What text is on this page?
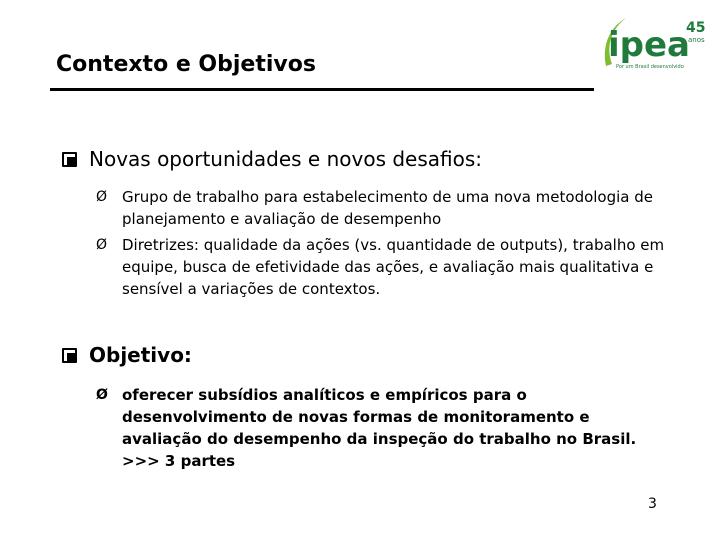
Contexto e Objetivos	ipea
45
anos
Por um Brasil desenvolvido
Novas oportunidades e novos desafios:
Ø Grupo de trabalho para estabelecimento de uma nova metodologia de planejamento e avaliação de desempenho
Ø Diretrizes: qualidade da ações (vs. quantidade de outputs), trabalho em equipe, busca de efetividade das ações, e avaliação mais qualitativa e sensível a variações de contextos.
Objetivo:
Ø oferecer subsídios analíticos e empíricos para o desenvolvimento de novas formas de monitoramento e avaliação do desempenho da inspeção do trabalho no Brasil. >>> 3 partes
3
